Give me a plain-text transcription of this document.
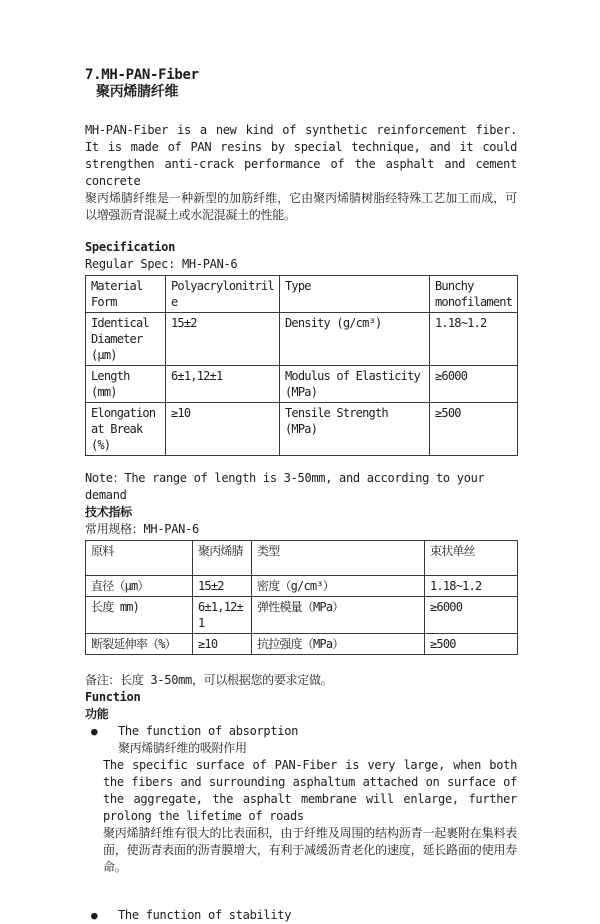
7.MH-PAN-Fiber
聚丙烯腈纤维
MH-PAN-Fiber is a new kind of synthetic reinforcement fiber. It is made of PAN resins by special technique, and it could strengthen anti-crack performance of the asphalt and cement concrete
聚丙烯腈纤维是一种新型的加筋纤维，它由聚丙烯腈树脂经特殊工艺加工而成，可以增强沥青混凝土或水泥混凝土的性能。
Specification
Regular Spec: MH-PAN-6
Material Form	Polyacrylonitrile	Type	Bunchy monofilament
Identical Diameter (μm)	15±2	Density (g/cm³)	1.18~1.2
Length (mm)	6±1,12±1	Modulus of Elasticity (MPa)	≥6000
Elongation at Break (%)	≥10	Tensile Strength (MPa)	≥500
Note：The range of length is 3-50mm, and according to your demand
技术指标
常用规格：MH-PAN-6
原料	聚丙烯腈	类型	束状单丝
直径（μm）	15±2	密度（g/cm³）	1.18~1.2
长度 mm)	6±1,12±1	弹性模量（MPa）	≥6000
断裂延伸率（%）	≥10	抗拉强度（MPa）	≥500
备注：长度 3-50mm，可以根据您的要求定做。
Function
功能
●	The function of absorption
聚丙烯腈纤维的吸附作用
The specific surface of PAN-Fiber is very large, when both the fibers and surrounding asphaltum attached on surface of the aggregate, the asphalt membrane will enlarge, further prolong the lifetime of roads
聚丙烯腈纤维有很大的比表面积，由于纤维及周围的结构沥青一起裹附在集料表面，使沥青表面的沥青膜增大，有利于减缓沥青老化的速度，延长路面的使用寿命。
●	The function of stability
